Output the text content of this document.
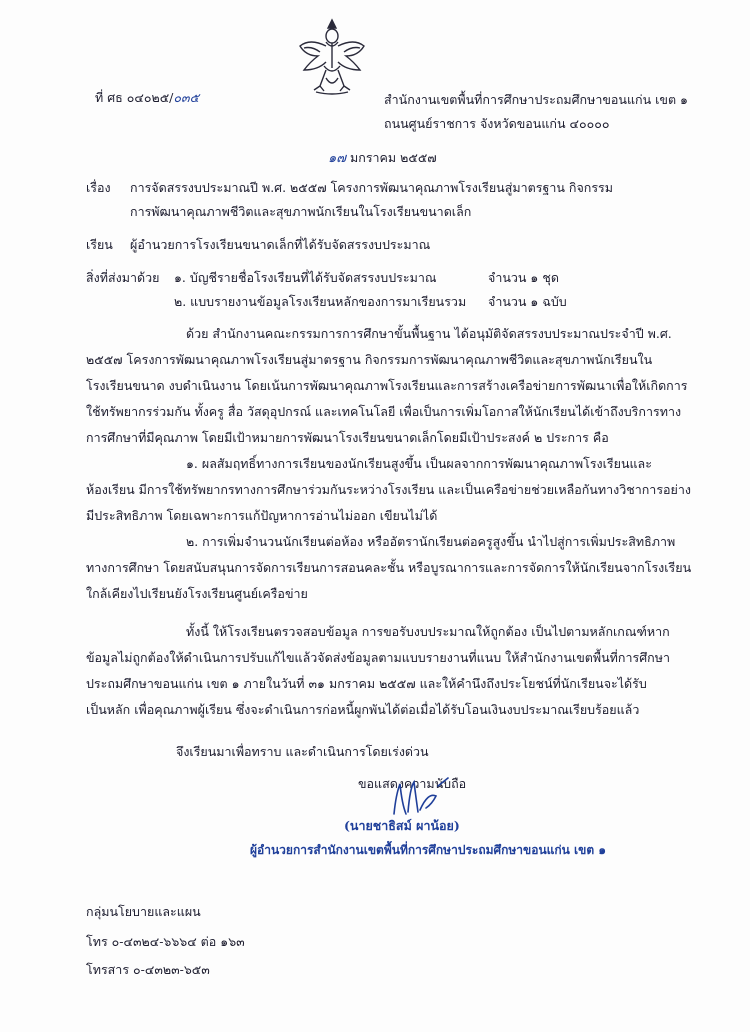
ที่ ศธ ๐๔๐๒๕/๐๓๕	สำนักงานเขตพื้นที่การศึกษาประถมศึกษาขอนแก่น เขต ๑
ถนนศูนย์ราชการ จังหวัดขอนแก่น ๔๐๐๐๐
๑๗ มกราคม ๒๕๕๗
เรื่อง การจัดสรรงบประมาณปี พ.ศ. ๒๕๕๗ โครงการพัฒนาคุณภาพโรงเรียนสู่มาตรฐาน กิจกรรม
การพัฒนาคุณภาพชีวิตและสุขภาพนักเรียนในโรงเรียนขนาดเล็ก
เรียน ผู้อำนวยการโรงเรียนขนาดเล็กที่ได้รับจัดสรรงบประมาณ
สิ่งที่ส่งมาด้วย ๑. บัญชีรายชื่อโรงเรียนที่ได้รับจัดสรรงบประมาณ	จำนวน ๑ ชุด
๒. แบบรายงานข้อมูลโรงเรียนหลักของการมาเรียนรวม จำนวน ๑ ฉบับ
ด้วย สำนักงานคณะกรรมการการศึกษาขั้นพื้นฐาน ได้อนุมัติจัดสรรงบประมาณประจำปี พ.ศ.
๒๕๕๗ โครงการพัฒนาคุณภาพโรงเรียนสู่มาตรฐาน กิจกรรมการพัฒนาคุณภาพชีวิตและสุขภาพนักเรียนใน
โรงเรียนขนาด งบดำเนินงาน โดยเน้นการพัฒนาคุณภาพโรงเรียนและการสร้างเครือข่ายการพัฒนาเพื่อให้เกิดการ
ใช้ทรัพยากรร่วมกัน ทั้งครู สื่อ วัสดุอุปกรณ์ และเทคโนโลยี เพื่อเป็นการเพิ่มโอกาสให้นักเรียนได้เข้าถึงบริการทาง
การศึกษาที่มีคุณภาพ โดยมีเป้าหมายการพัฒนาโรงเรียนขนาดเล็กโดยมีเป้าประสงค์ ๒ ประการ คือ
๑. ผลสัมฤทธิ์ทางการเรียนของนักเรียนสูงขึ้น เป็นผลจากการพัฒนาคุณภาพโรงเรียนและ
ห้องเรียน มีการใช้ทรัพยากรทางการศึกษาร่วมกันระหว่างโรงเรียน และเป็นเครือข่ายช่วยเหลือกันทางวิชาการอย่าง
มีประสิทธิภาพ โดยเฉพาะการแก้ปัญหาการอ่านไม่ออก เขียนไม่ได้
๒. การเพิ่มจำนวนนักเรียนต่อห้อง หรืออัตรานักเรียนต่อครูสูงขึ้น นำไปสู่การเพิ่มประสิทธิภาพ
ทางการศึกษา โดยสนับสนุนการจัดการเรียนการสอนคละชั้น หรือบูรณาการและการจัดการให้นักเรียนจากโรงเรียน
ใกล้เคียงไปเรียนยังโรงเรียนศูนย์เครือข่าย
ทั้งนี้ ให้โรงเรียนตรวจสอบข้อมูล การขอรับงบประมาณให้ถูกต้อง เป็นไปตามหลักเกณฑ์หาก
ข้อมูลไม่ถูกต้องให้ดำเนินการปรับแก้ไขแล้วจัดส่งข้อมูลตามแบบรายงานที่แนบ ให้สำนักงานเขตพื้นที่การศึกษา
ประถมศึกษาขอนแก่น เขต ๑ ภายในวันที่ ๓๑ มกราคม ๒๕๕๗ และให้คำนึงถึงประโยชน์ที่นักเรียนจะได้รับ
เป็นหลัก เพื่อคุณภาพผู้เรียน ซึ่งจะดำเนินการก่อหนี้ผูกพันได้ต่อเมื่อได้รับโอนเงินงบประมาณเรียบร้อยแล้ว
จึงเรียนมาเพื่อทราบ และดำเนินการโดยเร่งด่วน
ขอแสดงความนับถือ
(นายชาธิสม์ ผาน้อย)
ผู้อำนวยการสำนักงานเขตพื้นที่การศึกษาประถมศึกษาขอนแก่น เขต ๑
กลุ่มนโยบายและแผน
โทร ๐-๔๓๒๔-๖๖๖๔ ต่อ ๑๖๓
โทรสาร ๐-๔๓๒๓-๖๕๓
